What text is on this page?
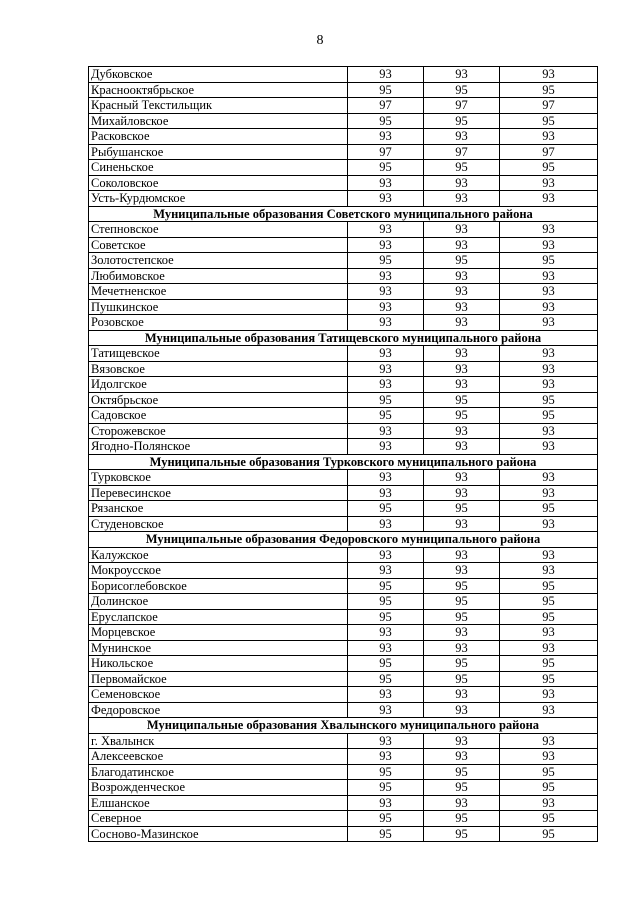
8
Дубковское	93	93	93
Краснооктябрьское	95	95	95
Красный Текстильщик	97	97	97
Михайловское	95	95	95
Расковское	93	93	93
Рыбушанское	97	97	97
Синеньское	95	95	95
Соколовское	93	93	93
Усть-Курдюмское	93	93	93
Муниципальные образования Советского муниципального района			
Степновское	93	93	93
Советское	93	93	93
Золотостепское	95	95	95
Любимовское	93	93	93
Мечетненское	93	93	93
Пушкинское	93	93	93
Розовское	93	93	93
Муниципальные образования Татищевского муниципального района			
Татищевское	93	93	93
Вязовское	93	93	93
Идолгское	93	93	93
Октябрьское	95	95	95
Садовское	95	95	95
Сторожевское	93	93	93
Ягодно-Полянское	93	93	93
Муниципальные образования Турковского муниципального района			
Турковское	93	93	93
Перевесинское	93	93	93
Рязанское	95	95	95
Студеновское	93	93	93
Муниципальные образования Федоровского муниципального района			
Калужское	93	93	93
Мокроусское	93	93	93
Борисоглебовское	95	95	95
Долинское	95	95	95
Еруслапское	95	95	95
Морцевское	93	93	93
Мунинское	93	93	93
Никольское	95	95	95
Первомайское	95	95	95
Семеновское	93	93	93
Федоровское	93	93	93
Муниципальные образования Хвалынского муниципального района			
г. Хвалынск	93	93	93
Алексеевское	93	93	93
Благодатинское	95	95	95
Возрожденческое	95	95	95
Елшанское	93	93	93
Северное	95	95	95
Сосново-Мазинское	95	95	95
